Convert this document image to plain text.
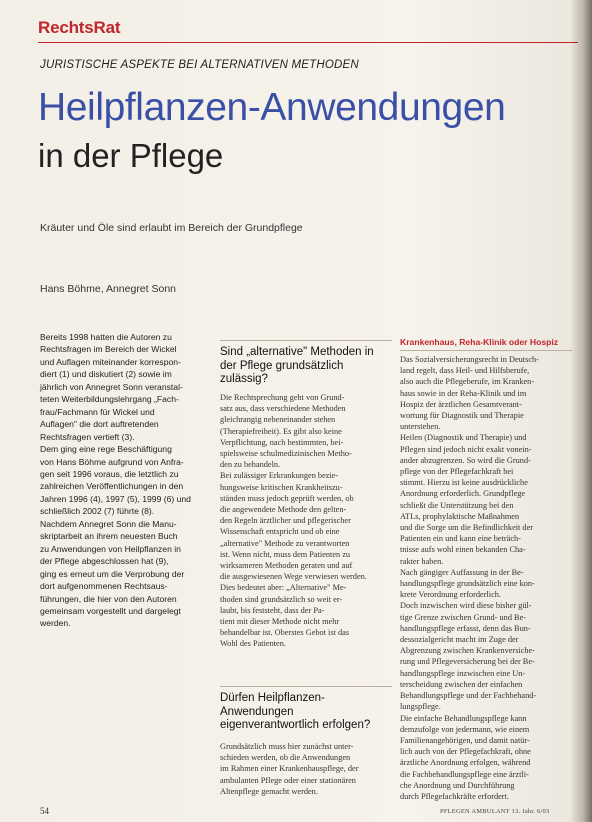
RechtsRat
JURISTISCHE ASPEKTE BEI ALTERNATIVEN METHODEN
Heilpflanzen-Anwendungen
in der Pflege
Kräuter und Öle sind erlaubt im Bereich der Grundpflege
Hans Böhme, Annegret Sonn

Bereits 1998 hatten die Autoren zu

Rechtsfragen im Bereich der Wickel

und Auflagen miteinander korrespon-

diert (1) und diskutiert (2) sowie im

jährlich von Annegret Sonn veranstal-

teten Weiterbildungslehrgang „Fach-

frau/Fachmann für Wickel und

Auflagen" die dort auftretenden

Rechtsfragen vertieft (3).

Dem ging eine rege Beschäftigung

von Hans Böhme aufgrund von Anfra-

gen seit 1996 voraus, die letztlich zu

zahlreichen Veröffentlichungen in den

Jahren 1996 (4), 1997 (5), 1999 (6) und

schließlich 2002 (7) führte (8).

Nachdem Annegret Sonn die Manu-

skriptarbeit an ihrem neuesten Buch

zu Anwendungen von Heilpflanzen in

der Pflege abgeschlossen hat (9),

ging es erneut um die Verprobung der

dort aufgenommenen Rechtsaus-

führungen, die hier von den Autoren

gemeinsam vorgestellt und dargelegt

werden.

Sind „alternative" Methoden in der Pflege grundsätzlich zulässig?

Die Rechtsprechung geht von Grund-

satz aus, dass verschiedene Methoden

gleichrangig nebeneinander stehen

(Therapiefreiheit). Es gibt also keine

Verpflichtung, nach bestimmten, bei-

spielsweise schulmedizinischen Metho-

den zu behandeln.

Bei zulässiger Erkrankungen bezie-

hungsweise kritischen Krankheitszu-

ständen muss jedoch geprüft werden, ob

die angewendete Methode den gelten-

den Regeln ärztlicher und pflegerischer

Wissenschaft entspricht und ob eine

„alternative" Methode zu verantworten

ist. Wenn nicht, muss dem Patienten zu

wirksameren Methoden geraten und auf

die ausgewiesenen Wege verwiesen werden.

Dies bedeutet aber: „Alternative" Me-

thoden sind grundsätzlich so weit er-

laubt, bis feststeht, dass der Pa-

tient mit dieser Methode nicht mehr

behandelbar ist. Oberstes Gebot ist das

Wohl des Patienten.

Dürfen Heilpflanzen-Anwendungen eigenverantwortlich erfolgen?

Grundsätzlich muss hier zunächst unter-

schieden werden, ob die Anwendungen

im Rahmen einer Krankenhauspflege, der

ambulanten Pflege oder einer stationären

Altenpflege gemacht werden.

Krankenhaus, Reha-Klinik oder Hospiz

Das Sozialversicherungsrecht in Deutsch-

land regelt, dass Heil- und Hilfsberufe,

also auch die Pflegeberufe, im Kranken-

haus sowie in der Reha-Klinik und im

Hospiz der ärztlichen Gesamtverant-

wortung für Diagnostik und Therapie

unterstehen.

Heilen (Diagnostik und Therapie) und

Pflegen sind jedoch nicht exakt vonein-

ander abzugrenzen. So wird die Grund-

pflege von der Pflegefachkraft bei

stimmt. Hierzu ist keine ausdrückliche

Anordnung erforderlich. Grundpflege

schließt die Unterstützung bei den

ATLs, prophylaktische Maßnahmen

und die Sorge um die Befindlichkeit der

Patienten ein und kann eine beträch-

tnisse aufs wohl einen bekanden Cha-

rakter haben.

Nach gängiger Auffassung in der Be-

handlungspflege grundsätzlich eine kon-

krete Verordnung erforderlich.

Doch inzwischen wird diese bisher gül-

tige Grenze zwischen Grund- und Be-

handlungspflege erfasst, denn das Bun-

dessozialgericht macht im Zuge der

Abgrenzung zwischen Krankenversiche-

rung und Pflegeversicherung bei der Be-

handlungspflege inzwischen eine Un-

terscheidung zwischen der einfachen

Behandlungspflege und der Fachbehand-

lungspflege.

Die einfache Behandlungspflege kann

demzufolge von jedermann, wie einem

Familienangehörigen, und damit natür-

lich auch von der Pflegefachkraft, ohne

ärztliche Anordnung erfolgen, während

die Fachbehandlungspflege eine ärztli-

che Anordnung und Durchführung

durch Pflegefachkräfte erfordert.

54	PFLEGEN AMBULANT 13. Jahr. 6/03
